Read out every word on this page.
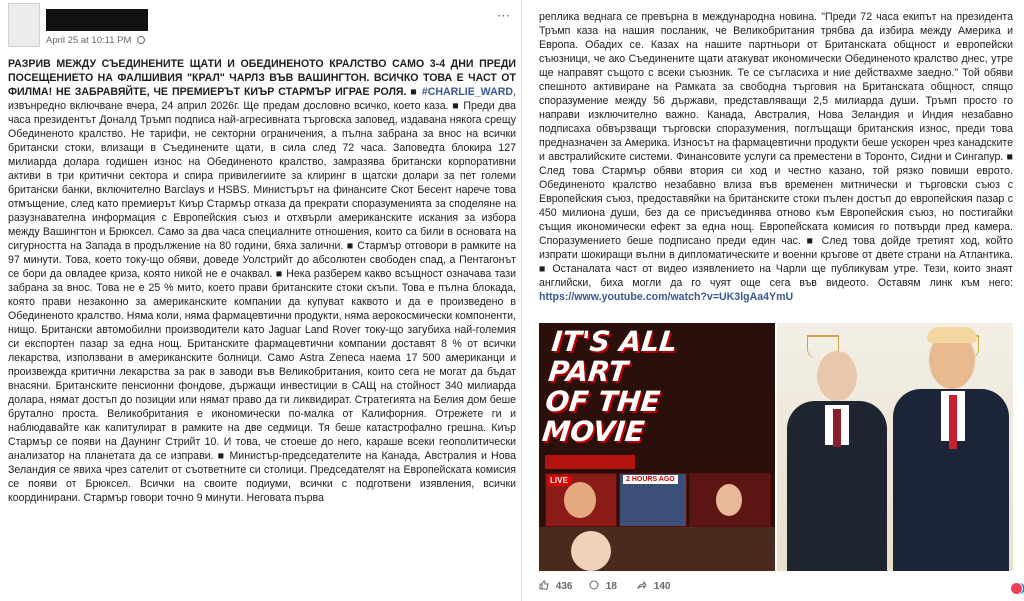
April 25 at 10:11 PM
⋯
РАЗРИВ МЕЖДУ СЪЕДИНЕНИТЕ ЩАТИ И ОБЕДИНЕНОТО КРАЛСТВО САМО 3-4 ДНИ ПРЕДИ ПОСЕЩЕНИЕТО НА ФАЛШИВИЯ "КРАЛ" ЧАРЛЗ ВЪВ ВАШИНГТОН. ВСИЧКО ТОВА Е ЧАСТ ОТ ФИЛМА! НЕ ЗАБРАВЯЙТЕ, ЧЕ ПРЕМИЕРЪТ КИЪР СТАРМЪР ИГРАЕ РОЛЯ. ■ #CHARLIE_WARD, извънредно включване вчера, 24 април 2026г. Ще предам дословно всичко, което каза. ■ Преди два часа президентът Доналд Тръмп подписа най-агресивната търговска заповед, издавана някога срещу Обединеното кралство. Не тарифи, не секторни ограничения, а пълна забрана за внос на всички британски стоки, влизащи в Съединените щати, в сила след 72 часа. Заповедта блокира 127 милиарда долара годишен износ на Обединеното кралство, замразява британски корпоративни активи в три критични сектора и спира привилегиите за клиринг в щатски долари за пет големи британски банки, включително Barclays и HSBS. Министърът на финансите Скот Бесент нарече това отмъщение, след като премиерът Киър Стармър отказа да прекрати споразуменията за споделяне на разузнавателна информация с Европейския съюз и отхвърли американските искания за избора между Вашингтон и Брюксел. Само за два часа специалните отношения, които са били в основата на сигурността на Запада в продължение на 80 години, бяха залични. ■ Стармър отговори в рамките на 97 минути. Това, което току-що обяви, доведе Уолстрийт до абсолютен свободен спад, а Пентагонът се бори да овладее криза, която никой не е очаквал. ■ Нека разберем какво всъщност означава тази забрана за внос. Това не е 25 % мито, което прави британските стоки скъпи. Това е пълна блокада, която прави незаконно за американските компании да купуват каквото и да е произведено в Обединеното кралство. Няма коли, няма фармацевтични продукти, няма аерокосмически компоненти, нищо. Британски автомобилни производители като Jaguar Land Rover току-що загубиха най-големия си експортен пазар за една нощ. Британските фармацевтични компании доставят 8 % от всички лекарства, използвани в американските болници. Само Astra Zeneca наема 17 500 американци и произвежда критични лекарства за рак в заводи във Великобритания, които сега не могат да бъдат внасяни. Британските пенсионни фондове, държащи инвестиции в САЩ на стойност 340 милиарда долара, нямат достъп до позиции или нямат право да ги ликвидират. Стратегията на Белия дом беше брутално проста. Великобритания е икономически по-малка от Калифорния. Отрежете ги и наблюдавайте как капитулират в рамките на две седмици. Тя беше катастрофално грешна. Киър Стармър се появи на Даунинг Стрийт 10. И това, че стоеше до него, караше всеки геополитически анализатор на планетата да се изправи. ■ Министър-председателите на Канада, Австралия и Нова Зеландия се явиха чрез сателит от съответните си столици. Председателят на Европейската комисия се появи от Брюксел. Всички на своите подиуми, всички с подготвени изявления, всички координирани. Стармър говори точно 9 минути. Неговата първа
реплика веднага се превърна в международна новина. "Преди 72 часа екипът на президента Тръмп каза на нашия посланик, че Великобритания трябва да избира между Америка и Европа. Обадих се. Казах на нашите партньори от Британската общност и европейски съюзници, че ако Съединените щати атакуват икономически Обединеното кралство днес, утре ще направят същото с всеки съюзник. Те се съгласиха и ние действахме заедно." Той обяви спешното активиране на Рамката за свободна търговия на Британската общност, спящо споразумение между 56 държави, представляващи 2,5 милиарда души. Тръмп просто го направи изключително важно. Канада, Австралия, Нова Зеландия и Индия незабавно подписаха обвързващи търговски споразумения, поглъщащи британския износ, преди това предназначен за Америка. Износът на фармацевтични продукти беше ускорен чрез канадските и австралийските системи. Финансовите услуги са преместени в Торонто, Сидни и Сингапур. ■ След това Стармър обяви втория си ход и честно казано, той рязко повиши еврото. Обединеното кралство незабавно влиза във временен митнически и търговски съюз с Европейския съюз, предоставяйки на британските стоки пълен достъп до европейския пазар с 450 милиона души, без да се присъединява отново към Европейския съюз, но постигайки същия икономически ефект за една нощ. Европейската комисия го потвърди пред камера. Споразумението беше подписано преди един час. ■ След това дойде третият ход, който изпрати шокиращи вълни в дипломатическите и военни кръгове от двете страни на Атлантика. ■ Останалата част от видео изявлението на Чарли ще публикувам утре. Тези, които знаят английски, биха могли да го чуят още сега във видеото. Оставям линк към него: https://www.youtube.com/watch?v=UK3lgAa4YmU
IT'S ALL
PART
OF THE
MOVIE
LIVE	2 HOURS AGO
436	18	140
